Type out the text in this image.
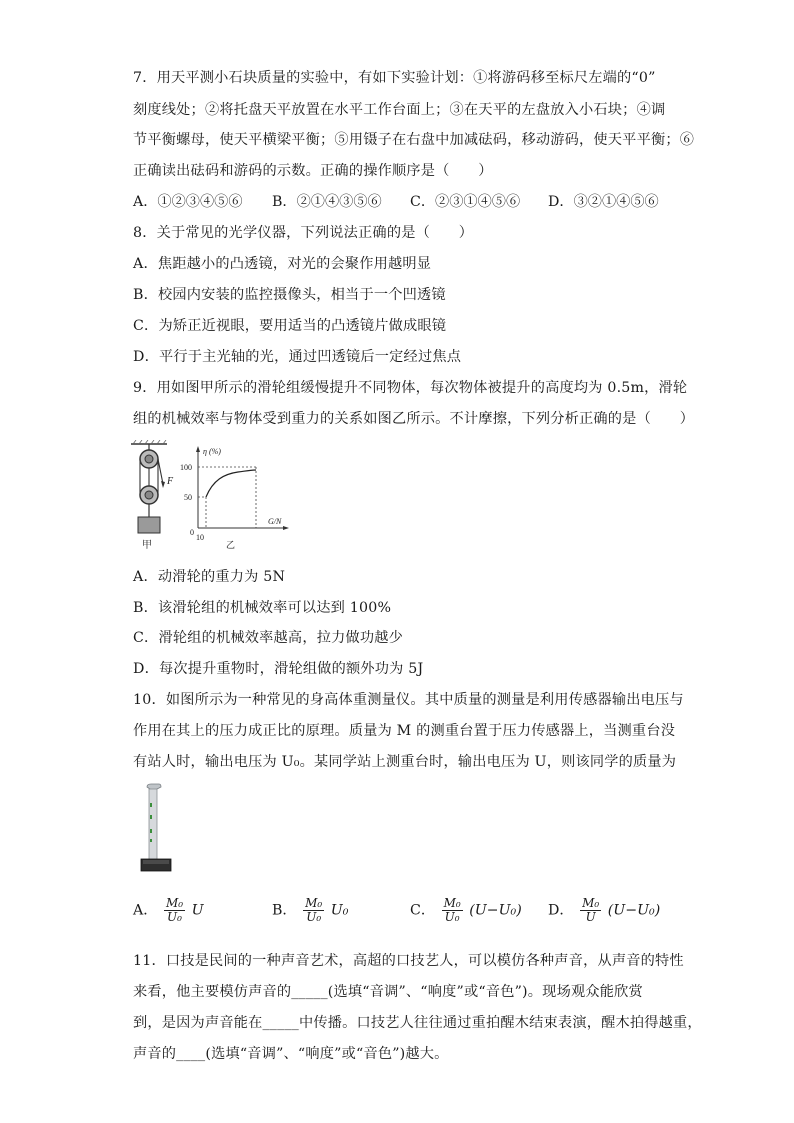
7．用天平测小石块质量的实验中，有如下实验计划：①将游码移至标尺左端的“0”
刻度线处；②将托盘天平放置在水平工作台面上；③在天平的左盘放入小石块；④调
节平衡螺母，使天平横梁平衡；⑤用镊子在右盘中加减砝码，移动游码，使天平平衡；⑥
正确读出砝码和游码的示数。正确的操作顺序是（　　）
A．①②③④⑤⑥ B．②①④③⑤⑥ C．②③①④⑤⑥ D．③②①④⑤⑥
8．关于常见的光学仪器，下列说法正确的是（　　）
A．焦距越小的凸透镜，对光的会聚作用越明显
B．校园内安装的监控摄像头，相当于一个凹透镜
C．为矫正近视眼，要用适当的凸透镜片做成眼镜
D．平行于主光轴的光，通过凹透镜后一定经过焦点
9．用如图甲所示的滑轮组缓慢提升不同物体，每次物体被提升的高度均为 0.5m，滑轮
组的机械效率与物体受到重力的关系如图乙所示。不计摩擦，下列分析正确的是（　　）
F
甲
η (%)
G/N
100
50
0
10
乙
A．动滑轮的重力为 5N
B．该滑轮组的机械效率可以达到 100%
C．滑轮组的机械效率越高，拉力做功越少
D．每次提升重物时，滑轮组做的额外功为 5J
10．如图所示为一种常见的身高体重测量仪。其中质量的测量是利用传感器输出电压与
作用在其上的压力成正比的原理。质量为 M 的测重台置于压力传感器上，当测重台没
有站人时，输出电压为 U₀。某同学站上测重台时，输出电压为 U，则该同学的质量为
A． $\frac{\text{M₀}}{\text{U₀}}$ U	B． $\frac{\text{M₀}}{\text{U₀}} U_0$	C． $\frac{\text{M₀}}{\text{U₀}} (U-U_0)$ D． $\frac{\text{M₀}}{U} (U-U_0)$
11．口技是民间的一种声音艺术，高超的口技艺人，可以模仿各种声音，从声音的特性
来看，他主要模仿声音的_____(选填“音调”、“响度”或“音色”)。现场观众能欣赏
到，是因为声音能在_____中传播。口技艺人往往通过重拍醒木结束表演，醒木拍得越重，
声音的____(选填“音调”、“响度”或“音色”)越大。
